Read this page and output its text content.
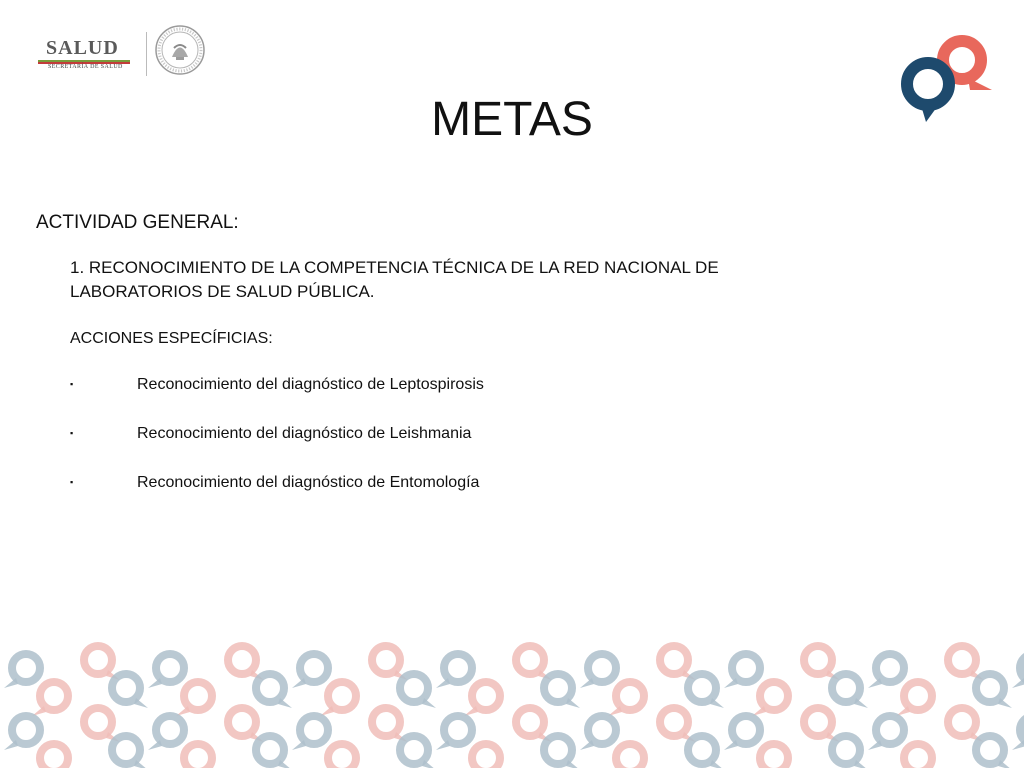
SALUD
SECRETARÍA DE SALUD
METAS

ACTIVIDAD GENERAL:

1. RECONOCIMIENTO DE LA COMPETENCIA TÉCNICA DE LA RED NACIONAL DE
LABORATORIOS DE SALUD PÚBLICA.

ACCIONES ESPECÍFICIAS:

▪	Reconocimiento del diagnóstico de Leptospirosis
▪	Reconocimiento del diagnóstico de Leishmania
▪	Reconocimiento del diagnóstico de Entomología
